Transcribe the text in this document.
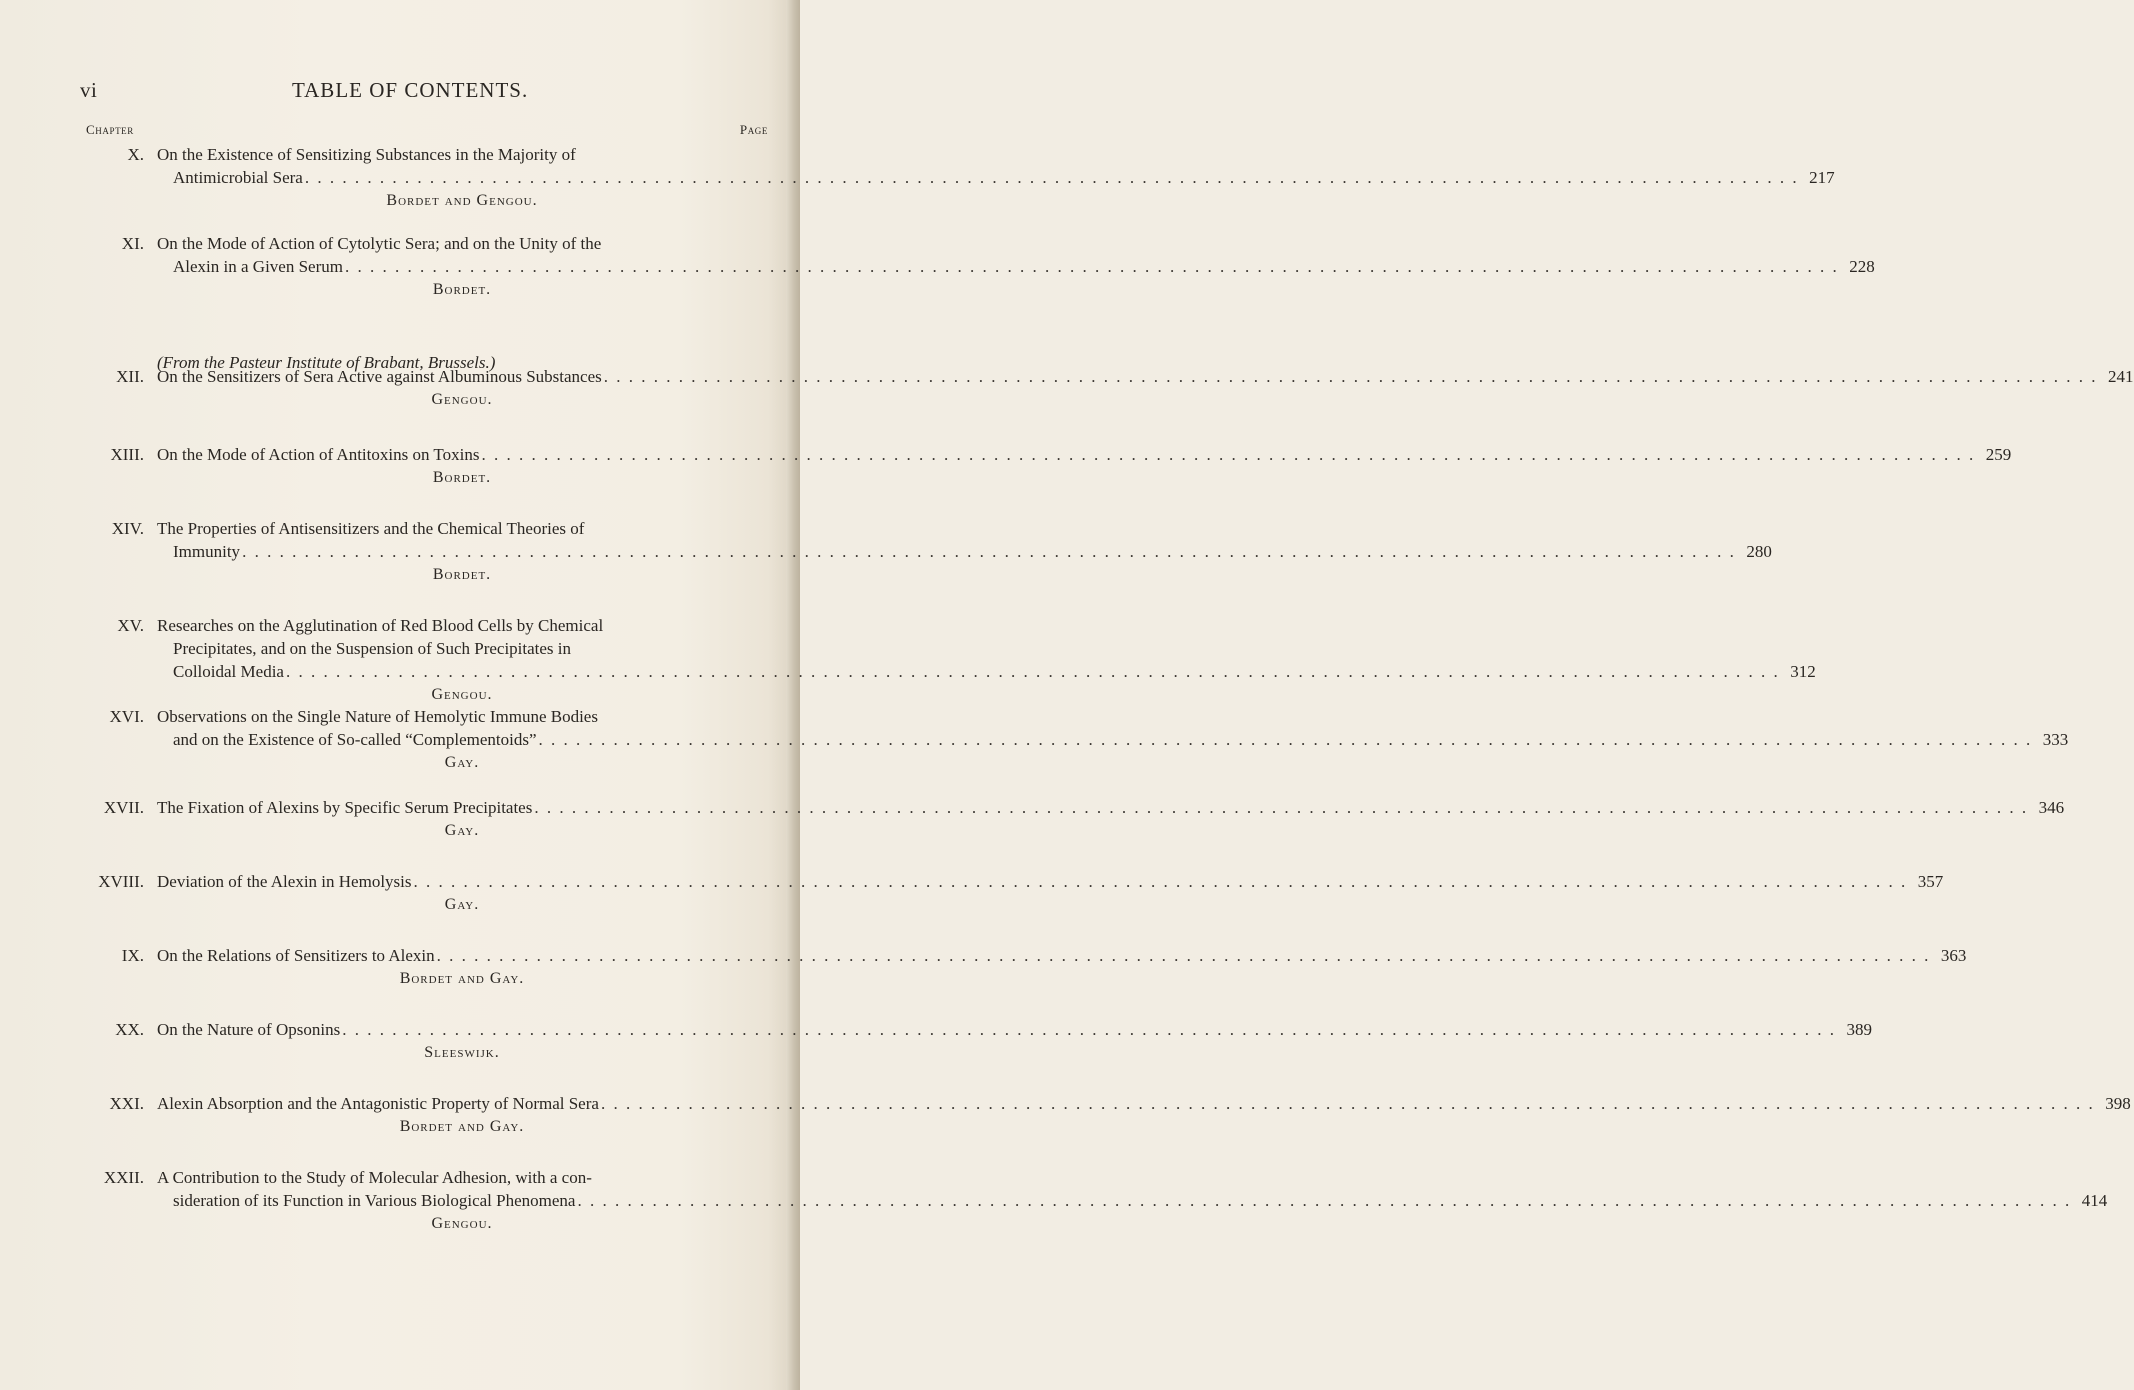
vi	TABLE OF CONTENTS.
Chapter	Page
(From the Pasteur Institute of Brabant, Brussels.)
X. On the Existence of Sensitizing Substances in the Majority of
Antimicrobial Sera . . . . . . . . . . . . . . . . . . . . . . . . . . . . . . . . . . . . . . . . . . . . . . . . . . . . . . . . . . . . . . . . . . . . . . . . . . . . . . . . . . . . . . . . . . . . . . . . . . . . . . . . . . . . . . . . . . . . . . . . 217
Bordet and Gengou.
XI. On the Mode of Action of Cytolytic Sera; and on the Unity of the
Alexin in a Given Serum . . . . . . . . . . . . . . . . . . . . . . . . . . . . . . . . . . . . . . . . . . . . . . . . . . . . . . . . . . . . . . . . . . . . . . . . . . . . . . . . . . . . . . . . . . . . . . . . . . . . . . . . . . . . . . . . . . . . . . . . 228
Bordet.
XII. On the Sensitizers of Sera Active against Albuminous Substances . . . . . . . . . . . . . . . . . . . . . . . . . . . . . . . . . . . . . . . . . . . . . . . . . . . . . . . . . . . . . . . . . . . . . . . . . . . . . . . . . . . . . . . . . . . . . . . . . . . . . . . . . . . . . . . . . . . . . . . . 241
Gengou.
XIII. On the Mode of Action of Antitoxins on Toxins . . . . . . . . . . . . . . . . . . . . . . . . . . . . . . . . . . . . . . . . . . . . . . . . . . . . . . . . . . . . . . . . . . . . . . . . . . . . . . . . . . . . . . . . . . . . . . . . . . . . . . . . . . . . . . . . . . . . . . . . 259
Bordet.
XIV. The Properties of Antisensitizers and the Chemical Theories of
Immunity . . . . . . . . . . . . . . . . . . . . . . . . . . . . . . . . . . . . . . . . . . . . . . . . . . . . . . . . . . . . . . . . . . . . . . . . . . . . . . . . . . . . . . . . . . . . . . . . . . . . . . . . . . . . . . . . . . . . . . . . 280
Bordet.
XV. Researches on the Agglutination of Red Blood Cells by Chemical
Precipitates, and on the Suspension of Such Precipitates in
Colloidal Media . . . . . . . . . . . . . . . . . . . . . . . . . . . . . . . . . . . . . . . . . . . . . . . . . . . . . . . . . . . . . . . . . . . . . . . . . . . . . . . . . . . . . . . . . . . . . . . . . . . . . . . . . . . . . . . . . . . . . . . . 312
Gengou.
XVI. Observations on the Single Nature of Hemolytic Immune Bodies
and on the Existence of So-called “Complementoids” . . . . . . . . . . . . . . . . . . . . . . . . . . . . . . . . . . . . . . . . . . . . . . . . . . . . . . . . . . . . . . . . . . . . . . . . . . . . . . . . . . . . . . . . . . . . . . . . . . . . . . . . . . . . . . . . . . . . . . . . 333
Gay.
XVII. The Fixation of Alexins by Specific Serum Precipitates . . . . . . . . . . . . . . . . . . . . . . . . . . . . . . . . . . . . . . . . . . . . . . . . . . . . . . . . . . . . . . . . . . . . . . . . . . . . . . . . . . . . . . . . . . . . . . . . . . . . . . . . . . . . . . . . . . . . . . . . 346
Gay.
XVIII. Deviation of the Alexin in Hemolysis . . . . . . . . . . . . . . . . . . . . . . . . . . . . . . . . . . . . . . . . . . . . . . . . . . . . . . . . . . . . . . . . . . . . . . . . . . . . . . . . . . . . . . . . . . . . . . . . . . . . . . . . . . . . . . . . . . . . . . . . 357
Gay.
IX. On the Relations of Sensitizers to Alexin . . . . . . . . . . . . . . . . . . . . . . . . . . . . . . . . . . . . . . . . . . . . . . . . . . . . . . . . . . . . . . . . . . . . . . . . . . . . . . . . . . . . . . . . . . . . . . . . . . . . . . . . . . . . . . . . . . . . . . . . 363
Bordet and Gay.
XX. On the Nature of Opsonins . . . . . . . . . . . . . . . . . . . . . . . . . . . . . . . . . . . . . . . . . . . . . . . . . . . . . . . . . . . . . . . . . . . . . . . . . . . . . . . . . . . . . . . . . . . . . . . . . . . . . . . . . . . . . . . . . . . . . . . . 389
Sleeswijk.
XXI. Alexin Absorption and the Antagonistic Property of Normal Sera . . . . . . . . . . . . . . . . . . . . . . . . . . . . . . . . . . . . . . . . . . . . . . . . . . . . . . . . . . . . . . . . . . . . . . . . . . . . . . . . . . . . . . . . . . . . . . . . . . . . . . . . . . . . . . . . . . . . . . . . 398
Bordet and Gay.
XXII. A Contribution to the Study of Molecular Adhesion, with a con-
sideration of its Function in Various Biological Phenomena . . . . . . . . . . . . . . . . . . . . . . . . . . . . . . . . . . . . . . . . . . . . . . . . . . . . . . . . . . . . . . . . . . . . . . . . . . . . . . . . . . . . . . . . . . . . . . . . . . . . . . . . . . . . . . . . . . . . . . . . 414
Gengou.
